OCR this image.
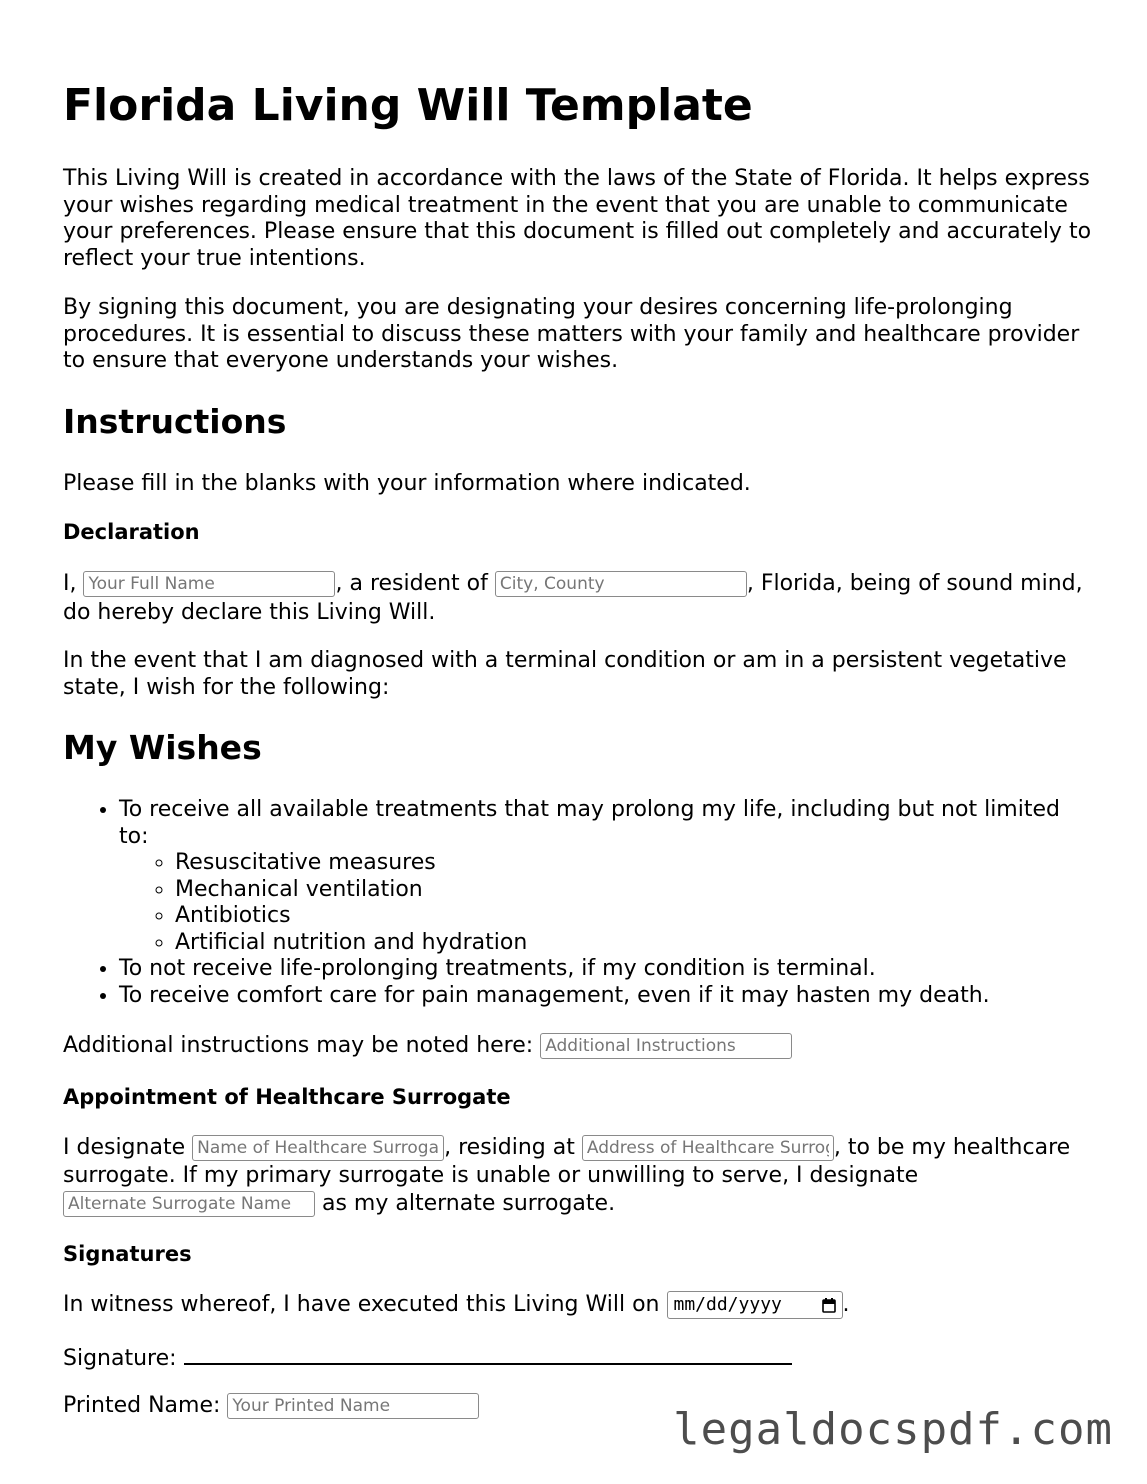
Florida Living Will Template

This Living Will is created in accordance with the laws of the State of Florida. It helps express your wishes regarding medical treatment in the event that you are unable to communicate your preferences. Please ensure that this document is filled out completely and accurately to reflect your true intentions.

By signing this document, you are designating your desires concerning life-prolonging procedures. It is essential to discuss these matters with your family and healthcare provider to ensure that everyone understands your wishes.

Instructions

Please fill in the blanks with your information where indicated.

Declaration

I, Your Full Name	, a resident of City, County	, Florida, being of sound mind, do hereby declare this Living Will.

In the event that I am diagnosed with a terminal condition or am in a persistent vegetative state, I wish for the following:

My Wishes
• To receive all available treatments that may prolong my life, including but not limited to:
◦ Resuscitative measures
◦ Mechanical ventilation
◦ Antibiotics
◦ Artificial nutrition and hydration
• To not receive life-prolonging treatments, if my condition is terminal.
• To receive comfort care for pain management, even if it may hasten my death.

Additional instructions may be noted here: Additional Instructions

Appointment of Healthcare Surrogate

I designate Name of Healthcare Surrogate	, residing at Address of Healthcare Surrogate	, to be my healthcare surrogate. If my primary surrogate is unable or unwilling to serve, I designate Alternate Surrogate Name as my alternate surrogate.

Signatures

In witness whereof, I have executed this Living Will on mm/dd/yyyy	.

Signature:

Printed Name: Your Printed Name	legaldocspdf.com
